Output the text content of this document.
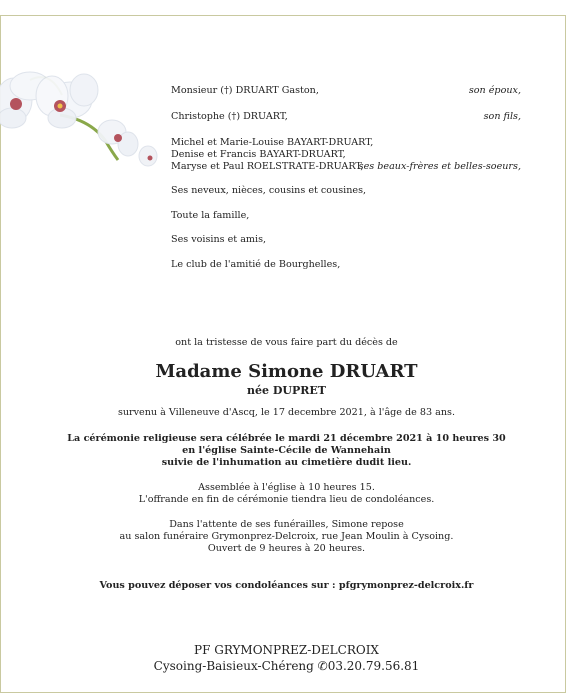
Monsieur (†) DRUART Gaston,	son époux,
Christophe (†) DRUART,	son fils,
Michel et Marie-Louise BAYART-DRUART,
Denise et Francis BAYART-DRUART,
Maryse et Paul ROELSTRATE-DRUART,
ses beaux-frères et belles-soeurs,
Ses neveux, nièces, cousins et cousines,
Toute la famille,
Ses voisins et amis,
Le club de l'amitié de Bourghelles,
ont la tristesse de vous faire part du décès de
Madame Simone DRUART
née DUPRET
survenu à Villeneuve d'Ascq, le 17 decembre 2021, à l'âge de 83 ans.
La cérémonie religieuse sera célébrée le mardi 21 décembre 2021 à 10 heures 30
en l'église Sainte-Cécile de Wannehain
suivie de l'inhumation au cimetière dudit lieu.
Assemblée à l'église à 10 heures 15.
L'offrande en fin de cérémonie tiendra lieu de condoléances.
Dans l'attente de ses funérailles, Simone repose
au salon funéraire Grymonprez-Delcroix, rue Jean Moulin à Cysoing.
Ouvert de 9 heures à 20 heures.
Vous pouvez déposer vos condoléances sur : pfgrymonprez-delcroix.fr
PF GRYMONPREZ-DELCROIX
Cysoing-Baisieux-Chéreng ✆03.20.79.56.81
